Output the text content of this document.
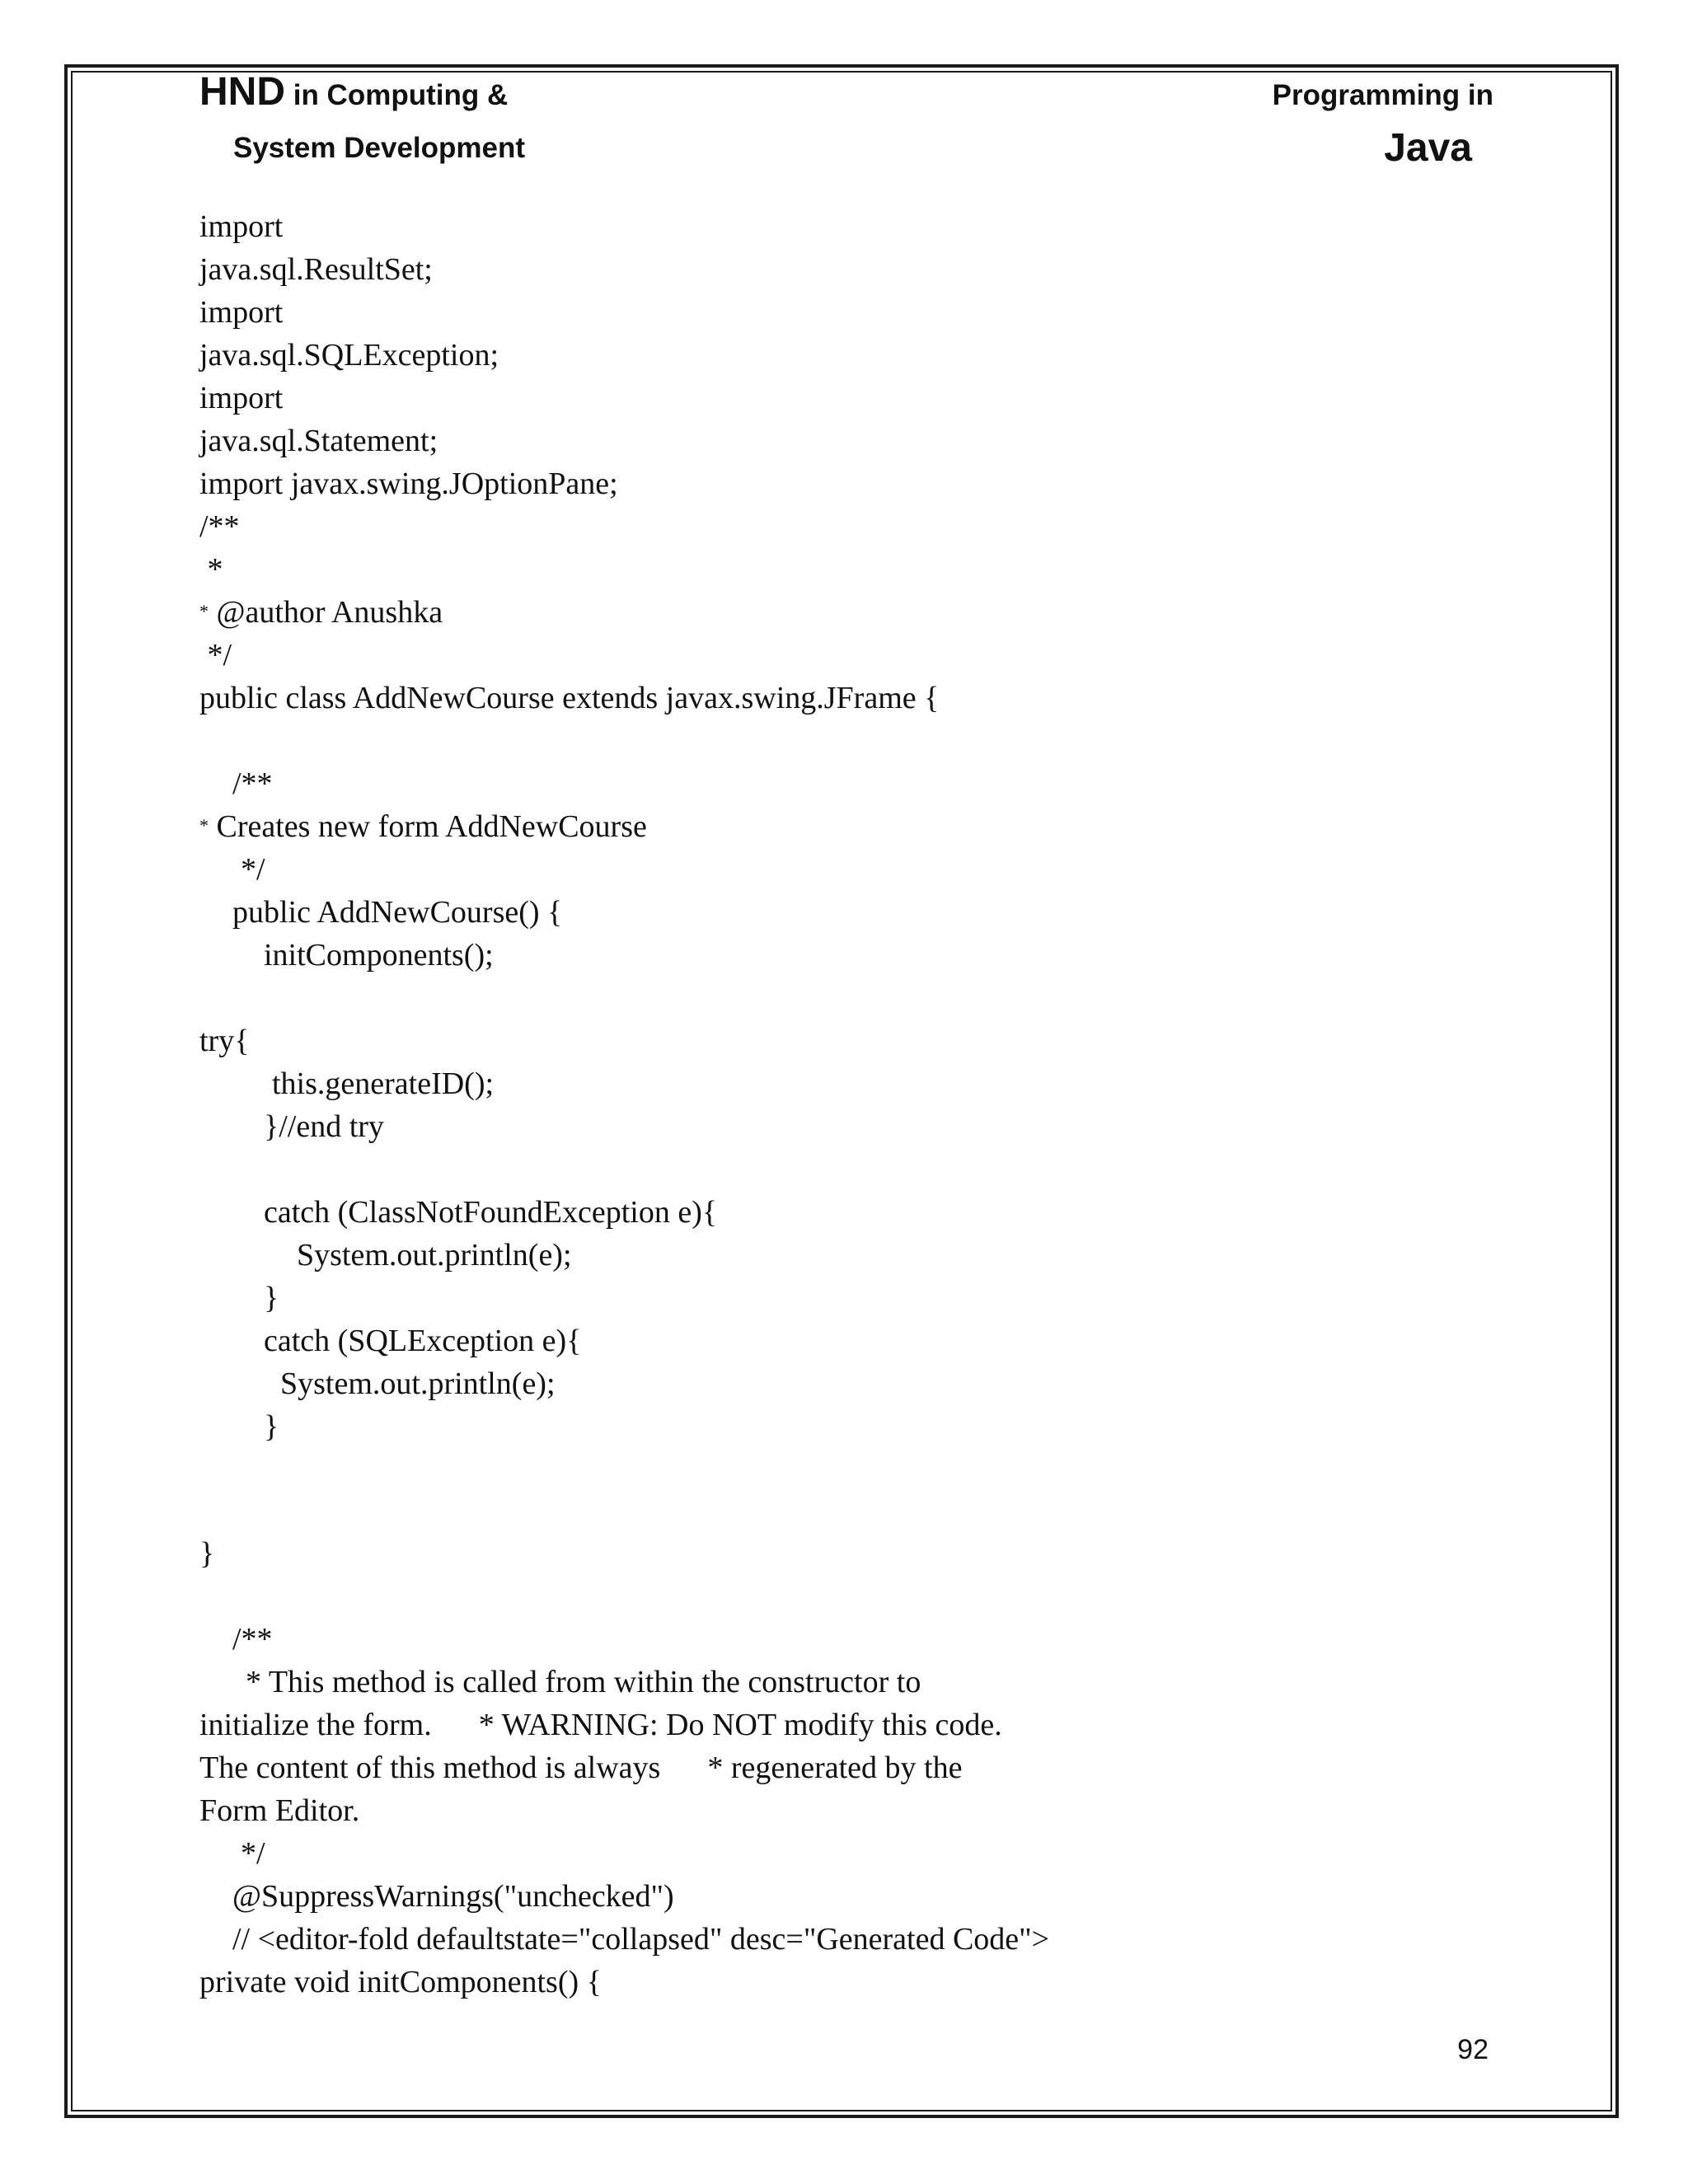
HND in Computing &
System Development
Programming in
Java
import
java.sql.ResultSet;
import
java.sql.SQLException;
import
java.sql.Statement;
import javax.swing.JOptionPane;
/**
*
* @author Anushka
*/
public class AddNewCourse extends javax.swing.JFrame {
/**
* Creates new form AddNewCourse
*/
public AddNewCourse() {
initComponents();
try{
this.generateID();
}//end try
catch (ClassNotFoundException e){
System.out.println(e);
}
catch (SQLException e){
System.out.println(e);
}
}
/**
* This method is called from within the constructor to
initialize the form.      * WARNING: Do NOT modify this code.
The content of this method is always      * regenerated by the
Form Editor.
*/
@SuppressWarnings("unchecked")
// <editor-fold defaultstate="collapsed" desc="Generated Code">
private void initComponents() {
92
